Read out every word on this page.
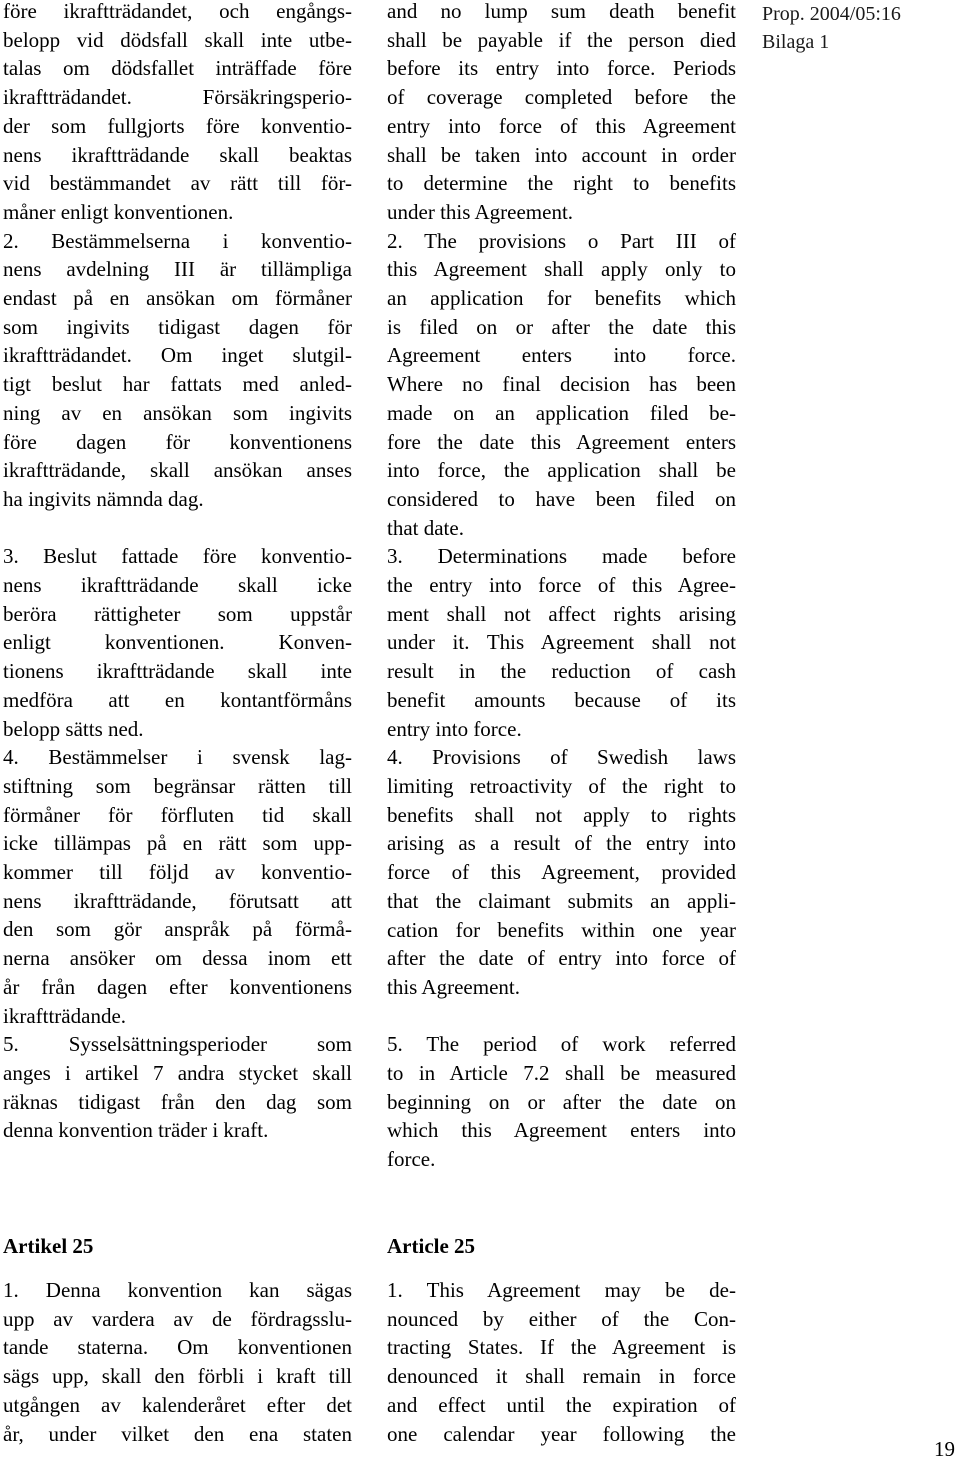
före ikraftträdandet, och engångs-
belopp vid dödsfall skall inte utbe-
talas om dödsfallet inträffade före
ikraftträdandet. Försäkringsperio-
der som fullgjorts före konventio-
nens ikraftträdande skall beaktas
vid bestämmandet av rätt till för-
måner enligt konventionen.
2. Bestämmelserna i konventio-
nens avdelning III är tillämpliga
endast på en ansökan om förmåner
som ingivits tidigast dagen för
ikraftträdandet. Om inget slutgil-
tigt beslut har fattats med anled-
ning av en ansökan som ingivits
före dagen för konventionens
ikraftträdande, skall ansökan anses
ha ingivits nämnda dag.
3. Beslut fattade före konventio-
nens ikraftträdande skall icke
beröra rättigheter som uppstår
enligt konventionen. Konven-
tionens ikraftträdande skall inte
medföra att en kontantförmåns
belopp sätts ned.
4. Bestämmelser i svensk lag-
stiftning som begränsar rätten till
förmåner för förfluten tid skall
icke tillämpas på en rätt som upp-
kommer till följd av konventio-
nens ikraftträdande, förutsatt att
den som gör anspråk på förmå-
nerna ansöker om dessa inom ett
år från dagen efter konventionens
ikraftträdande.
5. Sysselsättningsperioder som
anges i artikel 7 andra stycket skall
räknas tidigast från den dag som
denna konvention träder i kraft.
and no lump sum death benefit
shall be payable if the person died
before its entry into force. Periods
of coverage completed before the
entry into force of this Agreement
shall be taken into account in order
to determine the right to benefits
under this Agreement.
2. The provisions o Part III of
this Agreement shall apply only to
an application for benefits which
is filed on or after the date this
Agreement enters into force.
Where no final decision has been
made on an application filed be-
fore the date this Agreement enters
into force, the application shall be
considered to have been filed on
that date.
3. Determinations made before
the entry into force of this Agree-
ment shall not affect rights arising
under it. This Agreement shall not
result in the reduction of cash
benefit amounts because of its
entry into force.
4. Provisions of Swedish laws
limiting retroactivity of the right to
benefits shall not apply to rights
arising as a result of the entry into
force of this Agreement, provided
that the claimant submits an appli-
cation for benefits within one year
after the date of entry into force of
this Agreement.
5. The period of work referred
to in Article 7.2 shall be measured
beginning on or after the date on
which this Agreement enters into
force.
Prop. 2004/05:16
Bilaga 1
Artikel 25	Article 25
1. Denna konvention kan sägas
upp av vardera av de fördragsslu-
tande staterna. Om konventionen
sägs upp, skall den förbli i kraft till
utgången av kalenderåret efter det
år, under vilket den ena staten
1. This Agreement may be de-
nounced by either of the Con-
tracting States. If the Agreement is
denounced it shall remain in force
and effect until the expiration of
one calendar year following the
19
